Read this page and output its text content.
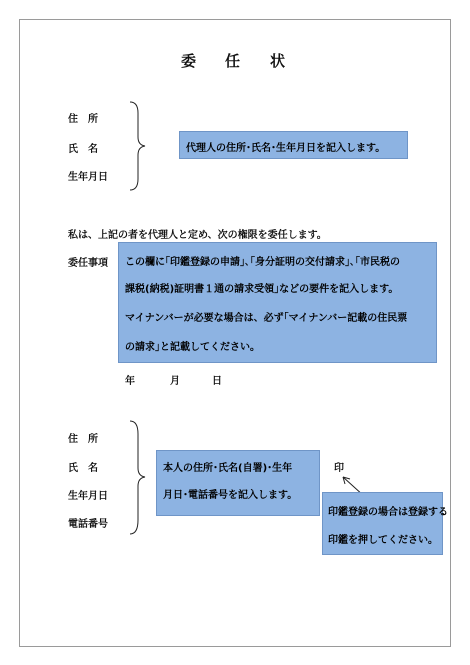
委 任 状
住　所
氏　名
生年月日
代理人の住所･氏名･生年月日を記入します。
私は、上記の者を代理人と定め、次の権限を委任します。
委任事項 この欄に｢印鑑登録の申請｣､｢身分証明の交付請求｣､｢市民税の
課税(納税)証明書１通の請求受領｣などの要件を記入します。
マイナンバーが必要な場合は、必ず｢マイナンバー記載の住民票
の請求｣と記載してください。
年	月	日
住　所
氏　名
生年月日
電話番号
本人の住所･氏名(自署)･生年
月日･電話番号を記入します。
印
印鑑登録の場合は登録する
印鑑を押してください。
